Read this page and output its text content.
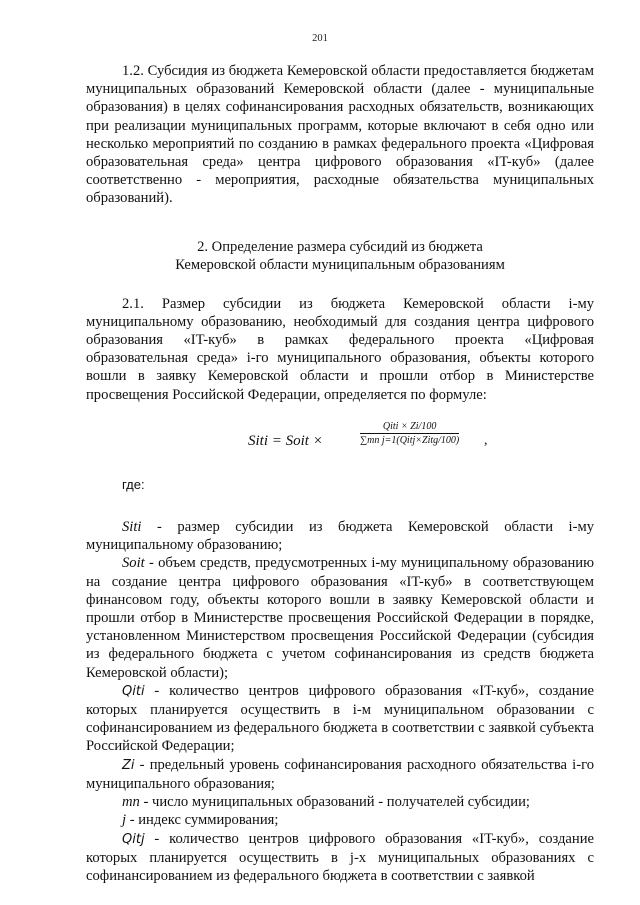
201

1.2. Субсидия из бюджета Кемеровской области предоставляется бюджетам муниципальных образований Кемеровской области (далее - муниципальные образования) в целях софинансирования расходных обязательств, возникающих при реализации муниципальных программ, которые включают в себя одно или несколько мероприятий по созданию в рамках федерального проекта «Цифровая образовательная среда» центра цифрового образования «IT-куб» (далее соответственно - мероприятия, расходные обязательства муниципальных образований).

2. Определение размера субсидий из бюджета
Кемеровской области муниципальным образованиям

2.1. Размер субсидии из бюджета Кемеровской области i-му муниципальному образованию, необходимый для создания центра цифрового образования «IT-куб» в рамках федерального проекта «Цифровая образовательная среда» i-го муниципального образования, объекты которого вошли в заявку Кемеровской области и прошли отбор в Министерстве просвещения Российской Федерации, определяется по формуле:

Siti = Soit ×
Qiti × Zi/100
∑mn j=1(Qitj×Zitg/100) ,

где:

Siti - размер субсидии из бюджета Кемеровской области i-му муниципальному образованию;

Soit - объем средств, предусмотренных i-му муниципальному образованию на создание центра цифрового образования «IT-куб» в соответствующем финансовом году, объекты которого вошли в заявку Кемеровской области и прошли отбор в Министерстве просвещения Российской Федерации в порядке, установленном Министерством просвещения Российской Федерации (субсидия из федерального бюджета с учетом софинансирования из средств бюджета Кемеровской области);

Qiti - количество центров цифрового образования «IT-куб», создание которых планируется осуществить в i-м муниципальном образовании с софинансированием из федерального бюджета в соответствии с заявкой субъекта Российской Федерации;

Zi - предельный уровень софинансирования расходного обязательства i-го муниципального образования;

mn - число муниципальных образований - получателей субсидии;

j - индекс суммирования;

Qitj - количество центров цифрового образования «IT-куб», создание которых планируется осуществить в j-х муниципальных образованиях с софинансированием из федерального бюджета в соответствии с заявкой
